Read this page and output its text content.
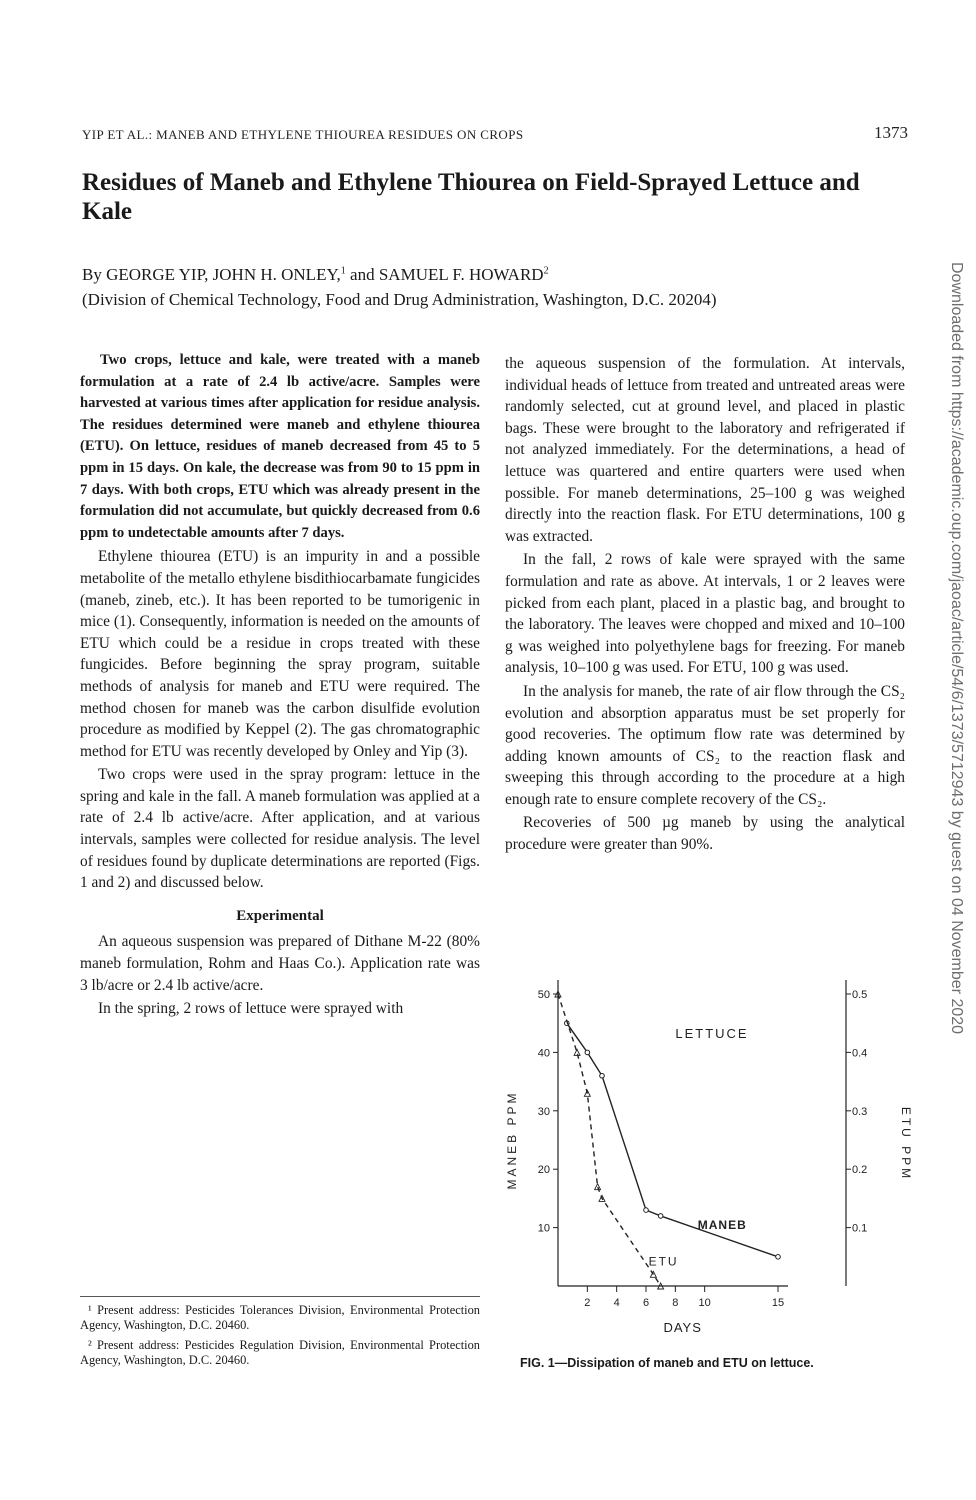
YIP ET AL.: MANEB AND ETHYLENE THIOUREA RESIDUES ON CROPS	1373
Residues of Maneb and Ethylene Thiourea on Field-Sprayed Lettuce and Kale
By GEORGE YIP, JOHN H. ONLEY,$^1$ and SAMUEL F. HOWARD$^2$
(Division of Chemical Technology, Food and Drug Administration, Washington, D.C. 20204)

Two crops, lettuce and kale, were treated with a maneb formulation at a rate of 2.4 lb active/acre. Samples were harvested at various times after application for residue analysis. The residues determined were maneb and ethylene thiourea (ETU). On lettuce, residues of maneb decreased from 45 to 5 ppm in 15 days. On kale, the decrease was from 90 to 15 ppm in 7 days. With both crops, ETU which was already present in the formulation did not accumulate, but quickly decreased from 0.6 ppm to undetectable amounts after 7 days.

Ethylene thiourea (ETU) is an impurity in and a possible metabolite of the metallo ethylene bisdithiocarbamate fungicides (maneb, zineb, etc.). It has been reported to be tumorigenic in mice (1). Consequently, information is needed on the amounts of ETU which could be a residue in crops treated with these fungicides. Before beginning the spray program, suitable methods of analysis for maneb and ETU were required. The method chosen for maneb was the carbon disulfide evolution procedure as modified by Keppel (2). The gas chromatographic method for ETU was recently developed by Onley and Yip (3).

Two crops were used in the spray program: lettuce in the spring and kale in the fall. A maneb formulation was applied at a rate of 2.4 lb active/acre. After application, and at various intervals, samples were collected for residue analysis. The level of residues found by duplicate determinations are reported (Figs. 1 and 2) and discussed below.

Experimental

An aqueous suspension was prepared of Dithane M-22 (80% maneb formulation, Rohm and Haas Co.). Application rate was 3 lb/acre or 2.4 lb active/acre.

In the spring, 2 rows of lettuce were sprayed with

the aqueous suspension of the formulation. At intervals, individual heads of lettuce from treated and untreated areas were randomly selected, cut at ground level, and placed in plastic bags. These were brought to the laboratory and refrigerated if not analyzed immediately. For the determinations, a head of lettuce was quartered and entire quarters were used when possible. For maneb determinations, 25–100 g was weighed directly into the reaction flask. For ETU determinations, 100 g was extracted.

In the fall, 2 rows of kale were sprayed with the same formulation and rate as above. At intervals, 1 or 2 leaves were picked from each plant, placed in a plastic bag, and brought to the laboratory. The leaves were chopped and mixed and 10–100 g was weighed into polyethylene bags for freezing. For maneb analysis, 10–100 g was used. For ETU, 100 g was used.

In the analysis for maneb, the rate of air flow through the CS₂ evolution and absorption apparatus must be set properly for good recoveries. The optimum flow rate was determined by adding known amounts of CS₂ to the reaction flask and sweeping this through according to the procedure at a high enough rate to ensure complete recovery of the CS₂.

Recoveries of 500 µg maneb by using the analytical procedure were greater than 90%.

¹ Present address: Pesticides Tolerances Division, Environmental Protection Agency, Washington, D.C. 20460.

² Present address: Pesticides Regulation Division, Environmental Protection Agency, Washington, D.C. 20460.

Downloaded from https://academic.oup.com/jaoac/article/54/6/1373/5712943 by guest on 04 November 2020
10
20
30
40
50
0.1
0.2
0.3
0.4
0.5
2 4 6 8 10	15
DAYS
MANEB PPM	ETU PPM
LETTUCE
MANEB
ETU
FIG. 1—Dissipation of maneb and ETU on lettuce.
